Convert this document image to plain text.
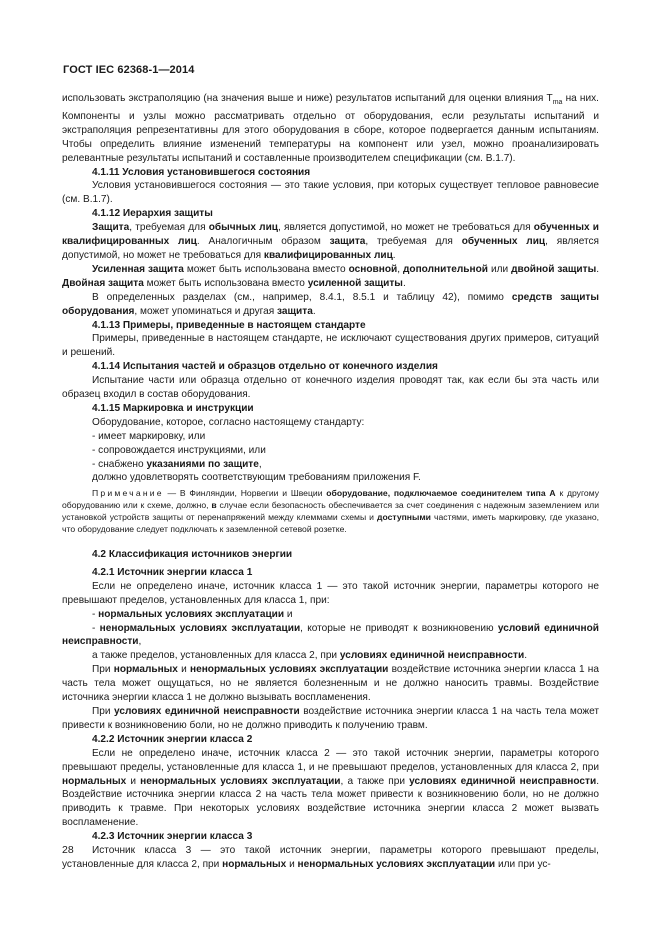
ГОСТ IEC 62368-1—2014

использовать экстраполяцию (на значения выше и ниже) результатов испытаний для оценки влияния $T_{ma}$ на них. Компоненты и узлы можно рассматривать отдельно от оборудования, если результаты испытаний и экстраполяция репрезентативны для этого оборудования в сборе, которое подвергается данным испытаниям. Чтобы определить влияние изменений температуры на компонент или узел, можно проанализировать релевантные результаты испытаний и составленные производителем спецификации (см. В.1.7).

4.1.11 Условия установившегося состояния

Условия установившегося состояния — это такие условия, при которых существует тепловое равновесие (см. В.1.7).

4.1.12 Иерархия защиты

Защита, требуемая для обычных лиц, является допустимой, но может не требоваться для обученных и квалифицированных лиц. Аналогичным образом защита, требуемая для обученных лиц, является допустимой, но может не требоваться для квалифицированных лиц.

Усиленная защита может быть использована вместо основной, дополнительной или двойной защиты. Двойная защита может быть использована вместо усиленной защиты.

В определенных разделах (см., например, 8.4.1, 8.5.1 и таблицу 42), помимо средств защиты оборудования, может упоминаться и другая защита.

4.1.13 Примеры, приведенные в настоящем стандарте

Примеры, приведенные в настоящем стандарте, не исключают существования других примеров, ситуаций и решений.

4.1.14 Испытания частей и образцов отдельно от конечного изделия

Испытание части или образца отдельно от конечного изделия проводят так, как если бы эта часть или образец входил в состав оборудования.

4.1.15 Маркировка и инструкции

Оборудование, которое, согласно настоящему стандарту:

- имеет маркировку, или
- сопровождается инструкциями, или
- снабжено указаниями по защите,

должно удовлетворять соответствующим требованиям приложения F.

Примечание — В Финляндии, Норвегии и Швеции оборудование, подключаемое соединителем типа А к другому оборудованию или к схеме, должно, в случае если безопасность обеспечивается за счет соединения с надежным заземлением или установкой устройств защиты от перенапряжений между клеммами схемы и доступными частями, иметь маркировку, где указано, что оборудование следует подключать к заземленной сетевой розетке.

4.2 Классификация источников энергии
4.2.1 Источник энергии класса 1

Если не определено иначе, источник класса 1 — это такой источник энергии, параметры которого не превышают пределов, установленных для класса 1, при:

- нормальных условиях эксплуатации и

- ненормальных условиях эксплуатации, которые не приводят к возникновению условий единичной неисправности,

а также пределов, установленных для класса 2, при условиях единичной неисправности.

При нормальных и ненормальных условиях эксплуатации воздействие источника энергии класса 1 на часть тела может ощущаться, но не является болезненным и не должно наносить травмы. Воздействие источника энергии класса 1 не должно вызывать воспламенения.

При условиях единичной неисправности воздействие источника энергии класса 1 на часть тела может привести к возникновению боли, но не должно приводить к получению травм.

4.2.2 Источник энергии класса 2

Если не определено иначе, источник класса 2 — это такой источник энергии, параметры которого превышают пределы, установленные для класса 1, и не превышают пределов, установленных для класса 2, при нормальных и ненормальных условиях эксплуатации, а также при условиях единичной неисправности. Воздействие источника энергии класса 2 на часть тела может привести к возникновению боли, но не должно приводить к травме. При некоторых условиях воздействие источника энергии класса 2 может вызвать воспламенение.

4.2.3 Источник энергии класса 3

Источник класса 3 — это такой источник энергии, параметры которого превышают пределы, установленные для класса 2, при нормальных и ненормальных условиях эксплуатации или при ус-

28
